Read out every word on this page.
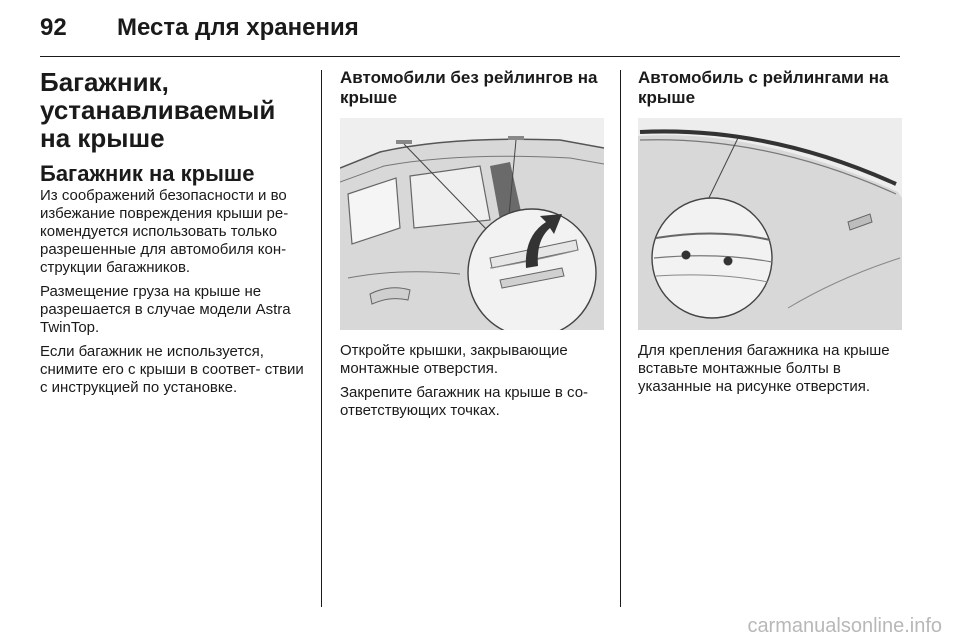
92 Места для хранения
Багажник, устанавливаемый на крыше
Багажник на крыше

Из соображений безопасности и во избежание повреждения крыши ре- комендуется использовать только разрешенные для автомобиля кон- струкции багажников.

Размещение груза на крыше не разрешается в случае модели Astra TwinTop.

Если багажник не используется, снимите его с крыши в соответ- ствии с инструкцией по установке.

Автомобили без рейлингов на крыше

Откройте крышки, закрывающие монтажные отверстия.

Закрепите багажник на крыше в со- ответствующих точках.

Автомобиль с рейлингами на крыше

Для крепления багажника на крыше вставьте монтажные болты в указанные на рисунке отверстия.

carmanualsonline.info
